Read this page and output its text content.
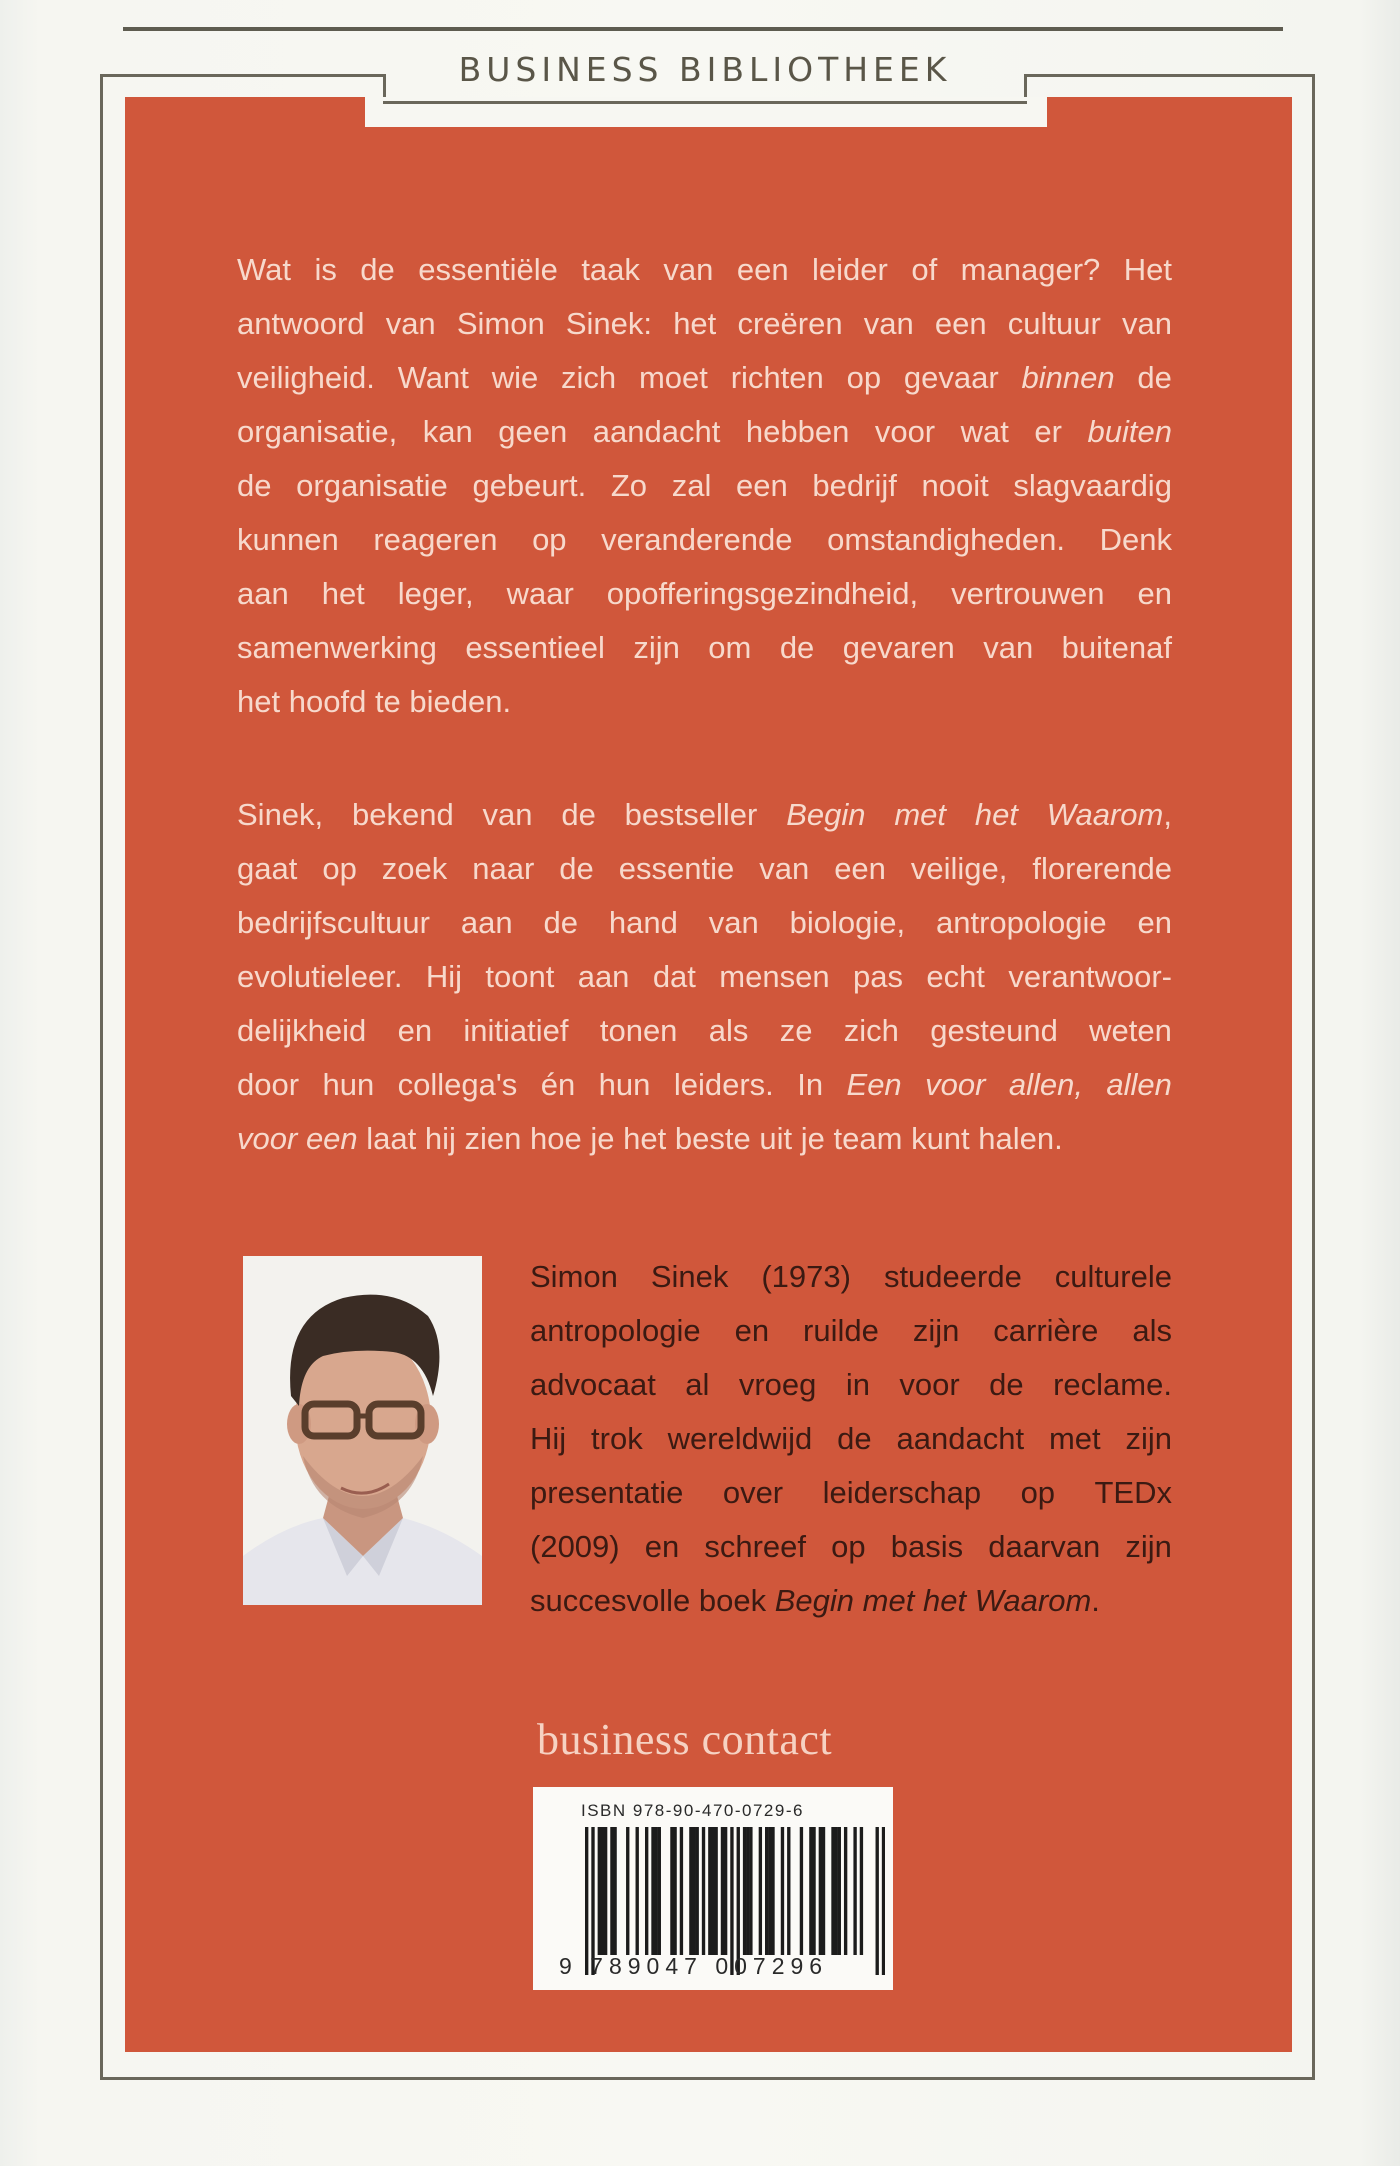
BUSINESS BIBLIOTHEEK
Wat is de essentiële taak van een leider of manager? Het
antwoord van Simon Sinek: het creëren van een cultuur van
veiligheid. Want wie zich moet richten op gevaar binnen de
organisatie, kan geen aandacht hebben voor wat er buiten
de organisatie gebeurt. Zo zal een bedrijf nooit slagvaardig
kunnen reageren op veranderende omstandigheden. Denk
aan het leger, waar opofferingsgezindheid, vertrouwen en
samenwerking essentieel zijn om de gevaren van buitenaf
het hoofd te bieden.
Sinek, bekend van de bestseller Begin met het Waarom,
gaat op zoek naar de essentie van een veilige, florerende
bedrijfscultuur aan de hand van biologie, antropologie en
evolutieleer. Hij toont aan dat mensen pas echt verantwoor-
delijkheid en initiatief tonen als ze zich gesteund weten
door hun collega's én hun leiders. In Een voor allen, allen
voor een laat hij zien hoe je het beste uit je team kunt halen.
Simon Sinek (1973) studeerde culturele
antropologie en ruilde zijn carrière als
advocaat al vroeg in voor de reclame.
Hij trok wereldwijd de aandacht met zijn
presentatie over leiderschap op TEDx
(2009) en schreef op basis daarvan zijn
succesvolle boek Begin met het Waarom.
business contact
ISBN 978-90-470-0729-6
9 789047 007296
